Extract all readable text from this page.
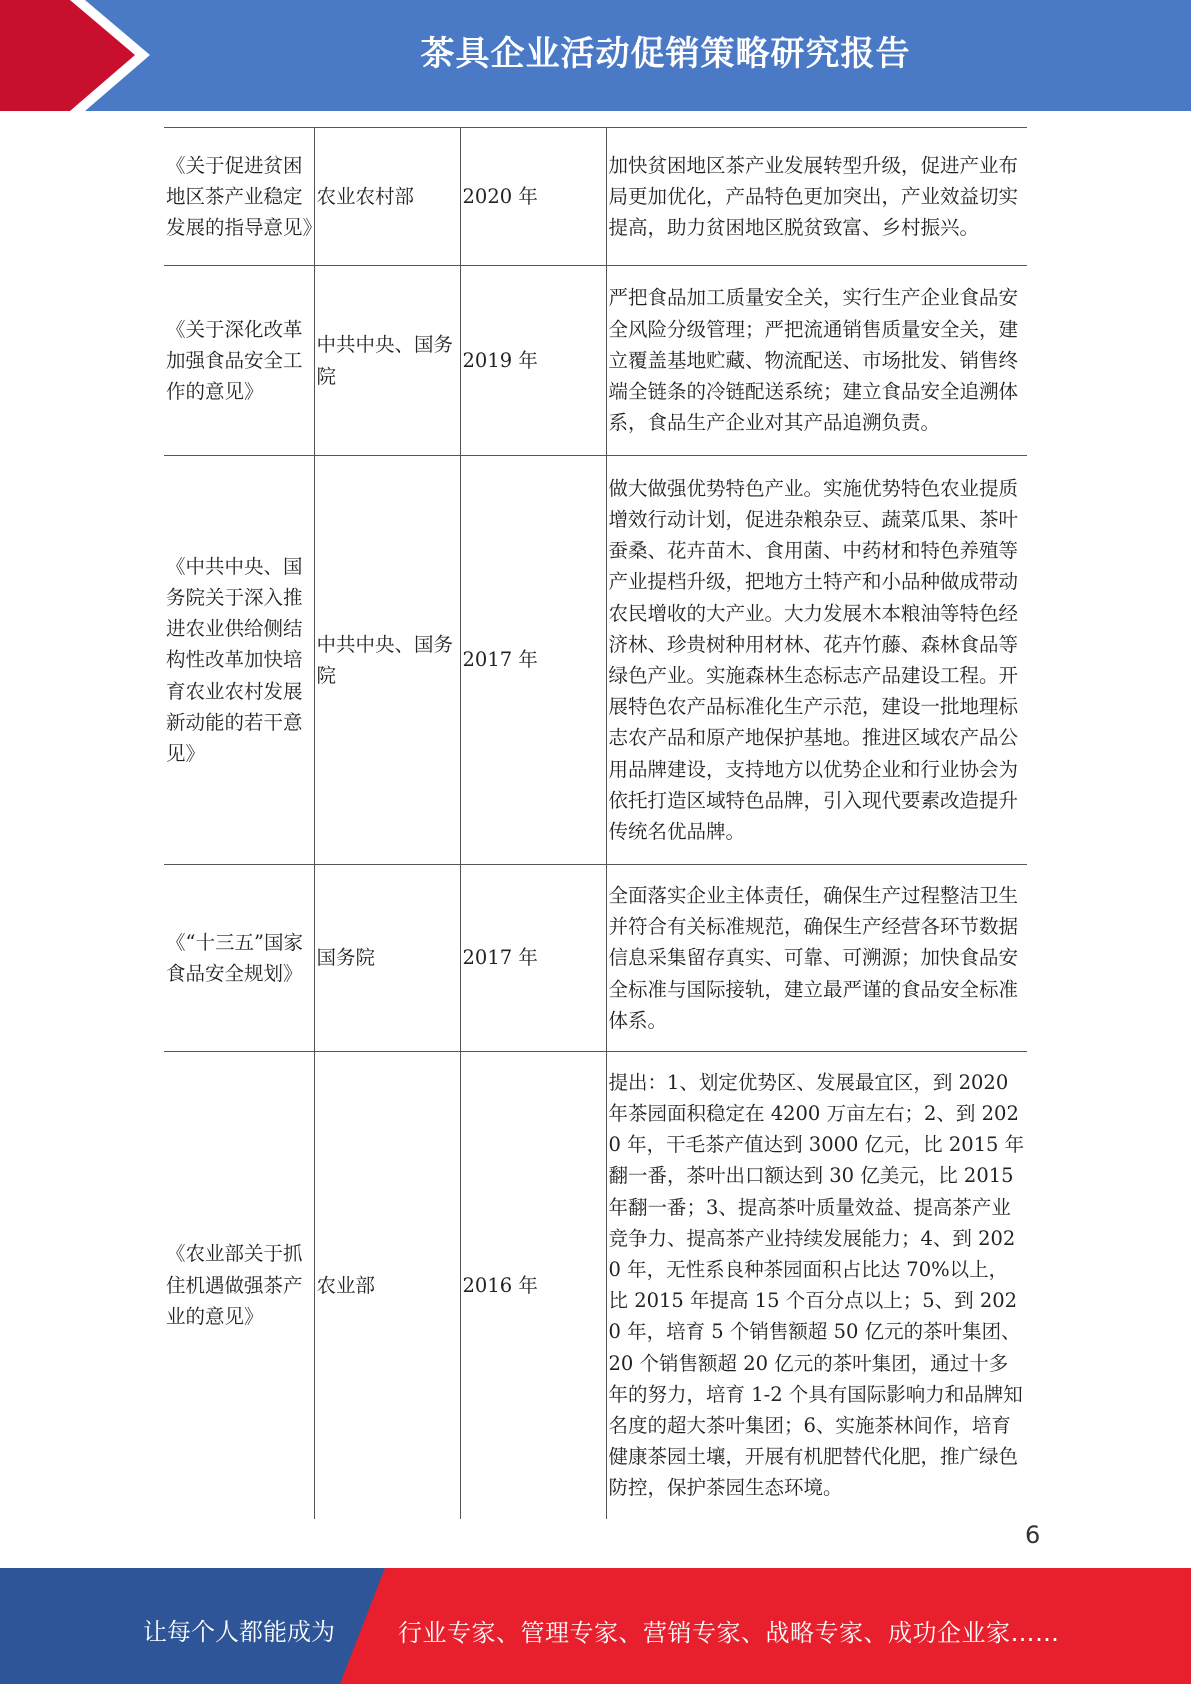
茶具企业活动促销策略研究报告
《关于促进贫困地区茶产业稳定发展的指导意见》	农业农村部	2020 年	加快贫困地区茶产业发展转型升级，促进产业布局更加优化，产品特色更加突出，产业效益切实提高，助力贫困地区脱贫致富、乡村振兴。
《关于深化改革加强食品安全工作的意见》	中共中央、国务院	2019 年	严把食品加工质量安全关，实行生产企业食品安全风险分级管理；严把流通销售质量安全关，建立覆盖基地贮藏、物流配送、市场批发、销售终端全链条的冷链配送系统；建立食品安全追溯体系，食品生产企业对其产品追溯负责。
《中共中央、国务院关于深入推进农业供给侧结构性改革加快培育农业农村发展新动能的若干意见》	中共中央、国务院	2017 年	做大做强优势特色产业。实施优势特色农业提质增效行动计划，促进杂粮杂豆、蔬菜瓜果、茶叶蚕桑、花卉苗木、食用菌、中药材和特色养殖等产业提档升级，把地方土特产和小品种做成带动农民增收的大产业。大力发展木本粮油等特色经济林、珍贵树种用材林、花卉竹藤、森林食品等绿色产业。实施森林生态标志产品建设工程。开展特色农产品标准化生产示范，建设一批地理标志农产品和原产地保护基地。推进区域农产品公用品牌建设，支持地方以优势企业和行业协会为依托打造区域特色品牌，引入现代要素改造提升传统名优品牌。
《“十三五”国家食品安全规划》	国务院	2017 年	全面落实企业主体责任，确保生产过程整洁卫生并符合有关标准规范，确保生产经营各环节数据信息采集留存真实、可靠、可溯源；加快食品安全标准与国际接轨，建立最严谨的食品安全标准体系。
《农业部关于抓住机遇做强茶产业的意见》	农业部	2016 年	提出：1、划定优势区、发展最宜区，到 2020 年茶园面积稳定在 4200 万亩左右；2、到 2020 年，干毛茶产值达到 3000 亿元，比 2015 年翻一番，茶叶出口额达到 30 亿美元，比 2015 年翻一番；3、提高茶叶质量效益、提高茶产业竞争力、提高茶产业持续发展能力；4、到 2020 年，无性系良种茶园面积占比达 70%以上，比 2015 年提高 15 个百分点以上；5、到 2020 年，培育 5 个销售额超 50 亿元的茶叶集团、20 个销售额超 20 亿元的茶叶集团，通过十多年的努力，培育 1-2 个具有国际影响力和品牌知名度的超大茶叶集团；6、实施茶林间作，培育健康茶园土壤，开展有机肥替代化肥，推广绿色防控，保护茶园生态环境。
6
让每个人都能成为	行业专家、管理专家、营销专家、战略专家、成功企业家……
